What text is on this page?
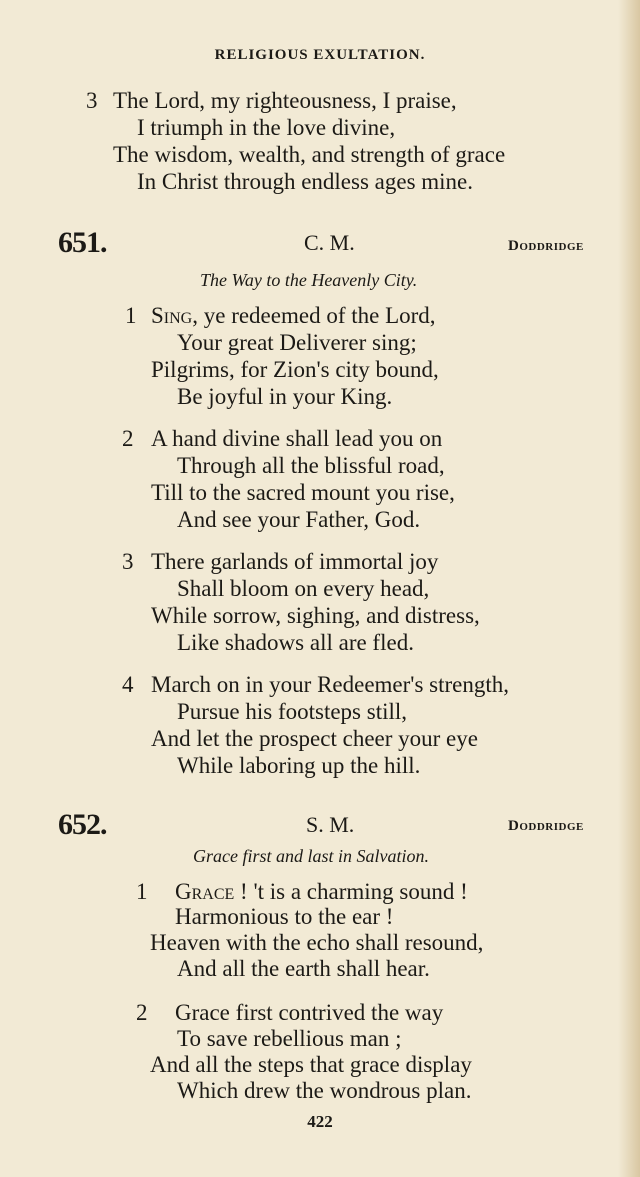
RELIGIOUS EXULTATION.
3 The Lord, my righteousness, I praise,
I triumph in the love divine,
The wisdom, wealth, and strength of grace
In Christ through endless ages mine.
651.	C. M.	Doddridge
The Way to the Heavenly City.
1 Sing, ye redeemed of the Lord,
Your great Deliverer sing;
Pilgrims, for Zion's city bound,
Be joyful in your King.
2 A hand divine shall lead you on
Through all the blissful road,
Till to the sacred mount you rise,
And see your Father, God.
3 There garlands of immortal joy
Shall bloom on every head,
While sorrow, sighing, and distress,
Like shadows all are fled.
4 March on in your Redeemer's strength,
Pursue his footsteps still,
And let the prospect cheer your eye
While laboring up the hill.
652.	S. M.	Doddridge
Grace first and last in Salvation.
1 Grace ! 't is a charming sound !
Harmonious to the ear !
Heaven with the echo shall resound,
And all the earth shall hear.
2 Grace first contrived the way
To save rebellious man ;
And all the steps that grace display
Which drew the wondrous plan.
422
